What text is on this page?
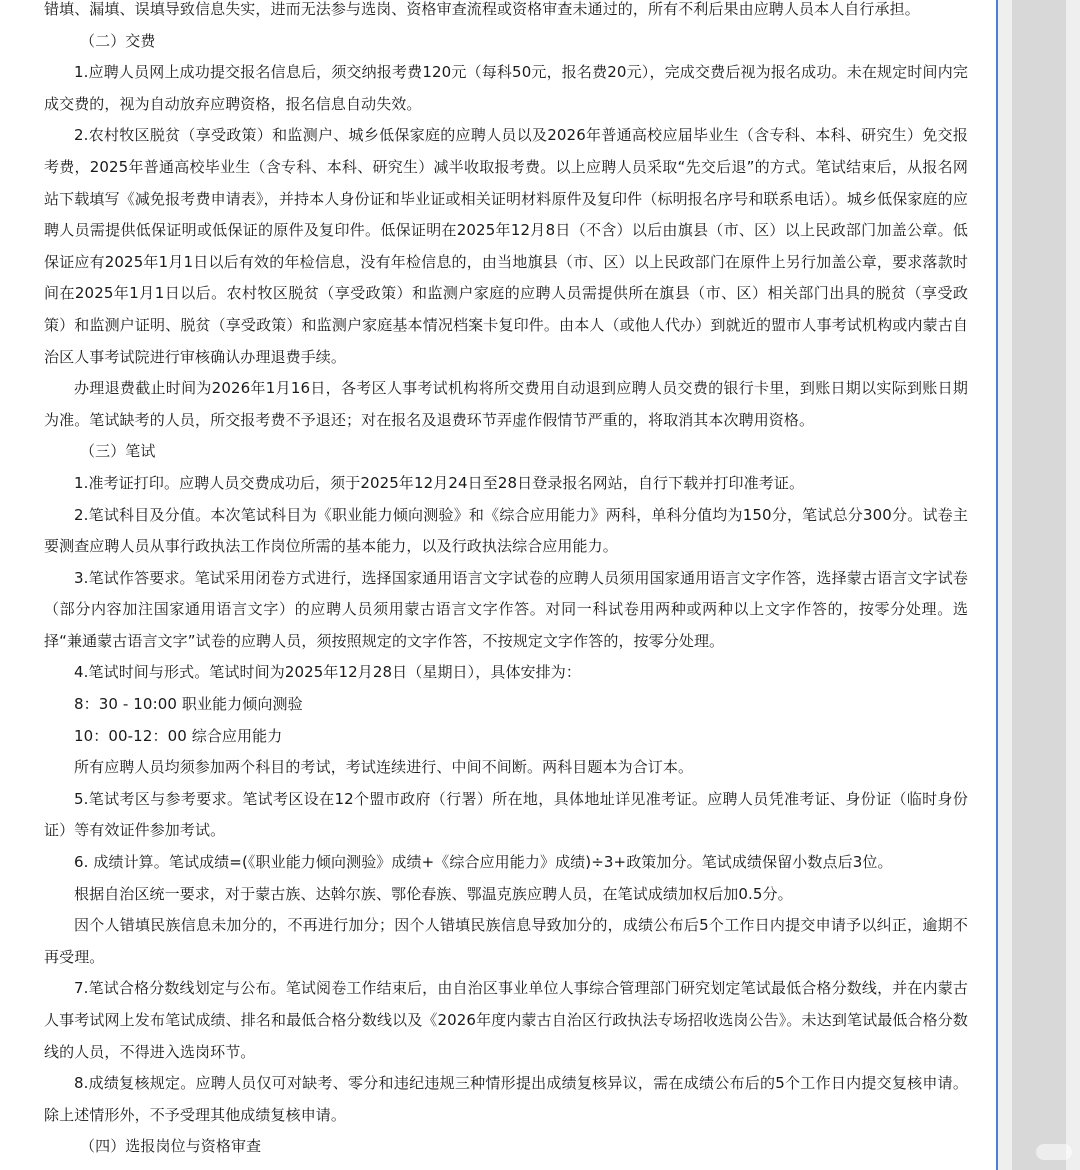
错填、漏填、误填导致信息失实，进而无法参与选岗、资格审查流程或资格审查未通过的，所有不利后果由应聘人员本人自行承担。

（二）交费

1.应聘人员网上成功提交报名信息后，须交纳报考费120元（每科50元，报名费20元），完成交费后视为报名成功。未在规定时间内完成交费的，视为自动放弃应聘资格，报名信息自动失效。

2.农村牧区脱贫（享受政策）和监测户、城乡低保家庭的应聘人员以及2026年普通高校应届毕业生（含专科、本科、研究生）免交报考费，2025年普通高校毕业生（含专科、本科、研究生）减半收取报考费。以上应聘人员采取“先交后退”的方式。笔试结束后，从报名网站下载填写《减免报考费申请表》，并持本人身份证和毕业证或相关证明材料原件及复印件（标明报名序号和联系电话）。城乡低保家庭的应聘人员需提供低保证明或低保证的原件及复印件。低保证明在2025年12月8日（不含）以后由旗县（市、区）以上民政部门加盖公章。低保证应有2025年1月1日以后有效的年检信息，没有年检信息的，由当地旗县（市、区）以上民政部门在原件上另行加盖公章，要求落款时间在2025年1月1日以后。农村牧区脱贫（享受政策）和监测户家庭的应聘人员需提供所在旗县（市、区）相关部门出具的脱贫（享受政策）和监测户证明、脱贫（享受政策）和监测户家庭基本情况档案卡复印件。由本人（或他人代办）到就近的盟市人事考试机构或内蒙古自治区人事考试院进行审核确认办理退费手续。

办理退费截止时间为2026年1月16日，各考区人事考试机构将所交费用自动退到应聘人员交费的银行卡里，到账日期以实际到账日期为准。笔试缺考的人员，所交报考费不予退还；对在报名及退费环节弄虚作假情节严重的，将取消其本次聘用资格。

（三）笔试

1.准考证打印。应聘人员交费成功后，须于2025年12月24日至28日登录报名网站，自行下载并打印准考证。

2.笔试科目及分值。本次笔试科目为《职业能力倾向测验》和《综合应用能力》两科，单科分值均为150分，笔试总分300分。试卷主要测查应聘人员从事行政执法工作岗位所需的基本能力，以及行政执法综合应用能力。

3.笔试作答要求。笔试采用闭卷方式进行，选择国家通用语言文字试卷的应聘人员须用国家通用语言文字作答，选择蒙古语言文字试卷（部分内容加注国家通用语言文字）的应聘人员须用蒙古语言文字作答。对同一科试卷用两种或两种以上文字作答的，按零分处理。选择“兼通蒙古语言文字”试卷的应聘人员，须按照规定的文字作答，不按规定文字作答的，按零分处理。

4.笔试时间与形式。笔试时间为2025年12月28日（星期日），具体安排为：

8：30 - 10:00 职业能力倾向测验

10：00-12：00 综合应用能力

所有应聘人员均须参加两个科目的考试，考试连续进行、中间不间断。两科目题本为合订本。

5.笔试考区与参考要求。笔试考区设在12个盟市政府（行署）所在地，具体地址详见准考证。应聘人员凭准考证、身份证（临时身份证）等有效证件参加考试。

6. 成绩计算。笔试成绩=(《职业能力倾向测验》成绩+《综合应用能力》成绩)÷3+政策加分。笔试成绩保留小数点后3位。

根据自治区统一要求，对于蒙古族、达斡尔族、鄂伦春族、鄂温克族应聘人员，在笔试成绩加权后加0.5分。

因个人错填民族信息未加分的，不再进行加分；因个人错填民族信息导致加分的，成绩公布后5个工作日内提交申请予以纠正，逾期不再受理。

7.笔试合格分数线划定与公布。笔试阅卷工作结束后，由自治区事业单位人事综合管理部门研究划定笔试最低合格分数线，并在内蒙古人事考试网上发布笔试成绩、排名和最低合格分数线以及《2026年度内蒙古自治区行政执法专场招收选岗公告》。未达到笔试最低合格分数线的人员，不得进入选岗环节。

8.成绩复核规定。应聘人员仅可对缺考、零分和违纪违规三种情形提出成绩复核异议，需在成绩公布后的5个工作日内提交复核申请。除上述情形外，不予受理其他成绩复核申请。

（四）选报岗位与资格审查
